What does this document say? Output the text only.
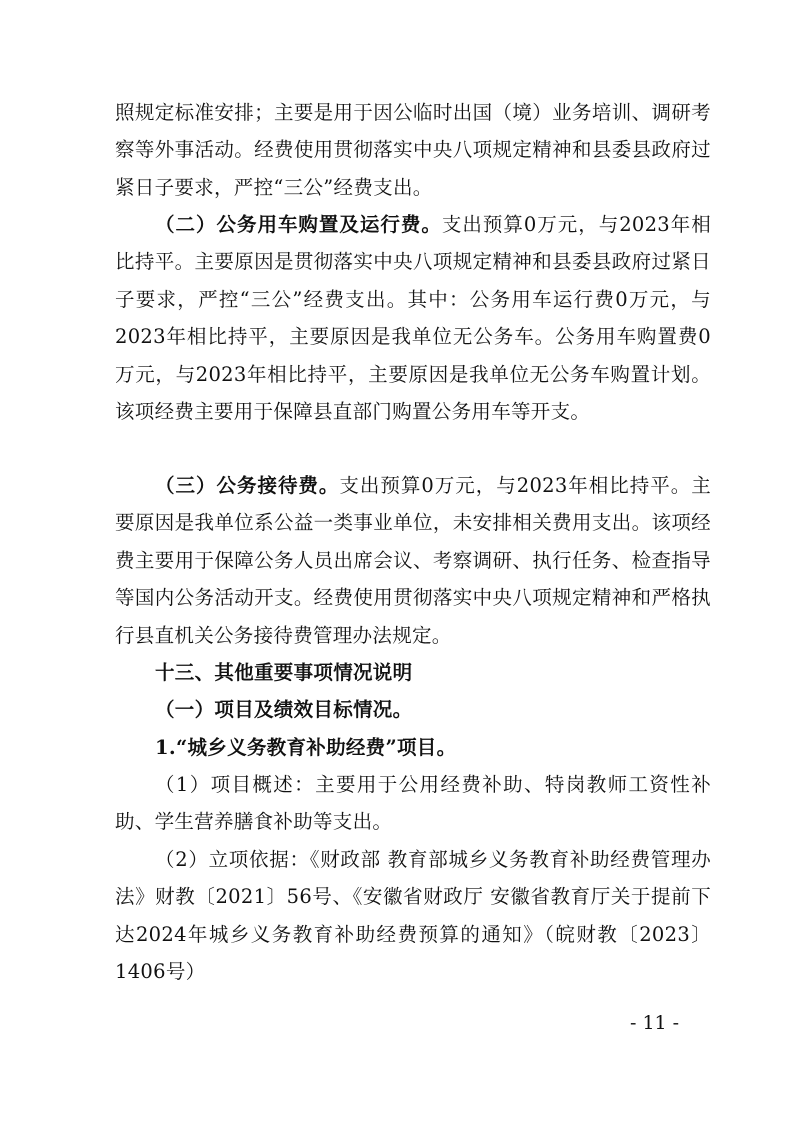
照规定标准安排；主要是用于因公临时出国（境）业务培训、调研考察等外事活动。经费使用贯彻落实中央八项规定精神和县委县政府过紧日子要求，严控“三公”经费支出。

（二）公务用车购置及运行费。支出预算0万元，与2023年相比持平。主要原因是贯彻落实中央八项规定精神和县委县政府过紧日子要求，严控“三公”经费支出。其中：公务用车运行费0万元，与2023年相比持平，主要原因是我单位无公务车。公务用车购置费0万元，与2023年相比持平，主要原因是我单位无公务车购置计划。该项经费主要用于保障县直部门购置公务用车等开支。

（三）公务接待费。支出预算0万元，与2023年相比持平。主要原因是我单位系公益一类事业单位，未安排相关费用支出。该项经费主要用于保障公务人员出席会议、考察调研、执行任务、检查指导等国内公务活动开支。经费使用贯彻落实中央八项规定精神和严格执行县直机关公务接待费管理办法规定。

十三、其他重要事项情况说明
（一）项目及绩效目标情况。
1.“城乡义务教育补助经费”项目。

（1）项目概述：主要用于公用经费补助、特岗教师工资性补助、学生营养膳食补助等支出。

（2）立项依据：《财政部 教育部城乡义务教育补助经费管理办法》财教〔2021〕56号、《安徽省财政厅 安徽省教育厅关于提前下达2024年城乡义务教育补助经费预算的通知》（皖财教〔2023〕1406号）

- 11 -
